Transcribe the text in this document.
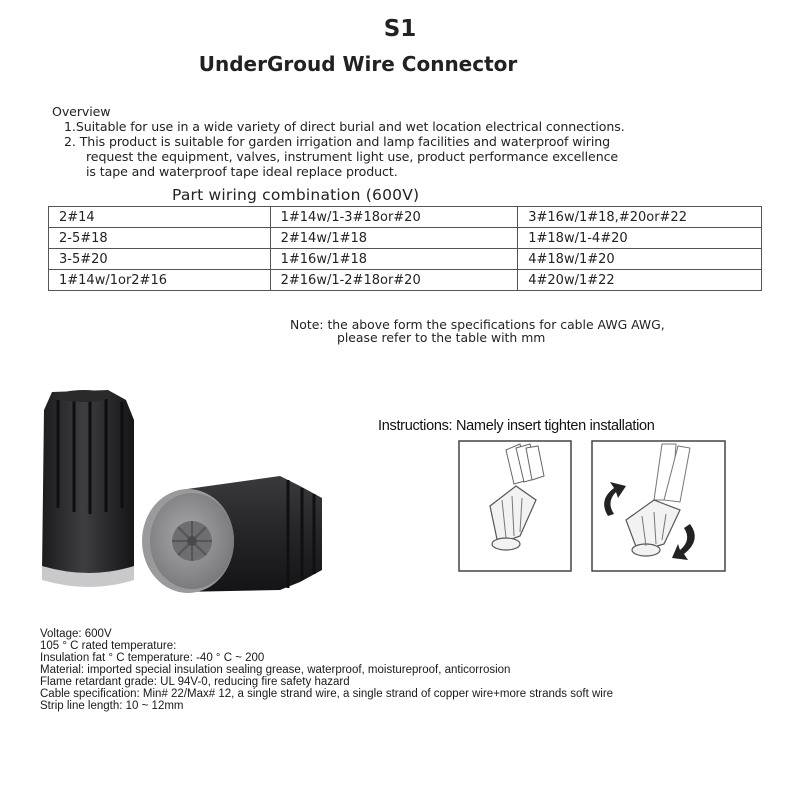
S1
UnderGroud Wire Connector
Overview
1.Suitable for use in a wide variety of direct burial and wet location electrical connections.
2. This product is suitable for garden irrigation and lamp facilities and waterproof wiring
request the equipment, valves, instrument light use, product performance excellence
is tape and waterproof tape ideal replace product.
Part wiring combination (600V)
2#14	1#14w/1-3#18or#20	3#16w/1#18,#20or#22
2-5#18	2#14w/1#18	1#18w/1-4#20
3-5#20	1#16w/1#18	4#18w/1#20
1#14w/1or2#16	2#16w/1-2#18or#20	4#20w/1#22
Note: the above form the specifications for cable AWG AWG,
please refer to the table with mm
Instructions: Namely insert tighten installation
Voltage: 600V
105 ° C rated temperature:
Insulation fat ° C temperature: -40 ° C ~ 200
Material: imported special insulation sealing grease, waterproof, moistureproof, anticorrosion
Flame retardant grade: UL 94V-0, reducing fire safety hazard
Cable specification: Min# 22/Max# 12, a single strand wire, a single strand of copper wire+more strands soft wire
Strip line length: 10 ~ 12mm
